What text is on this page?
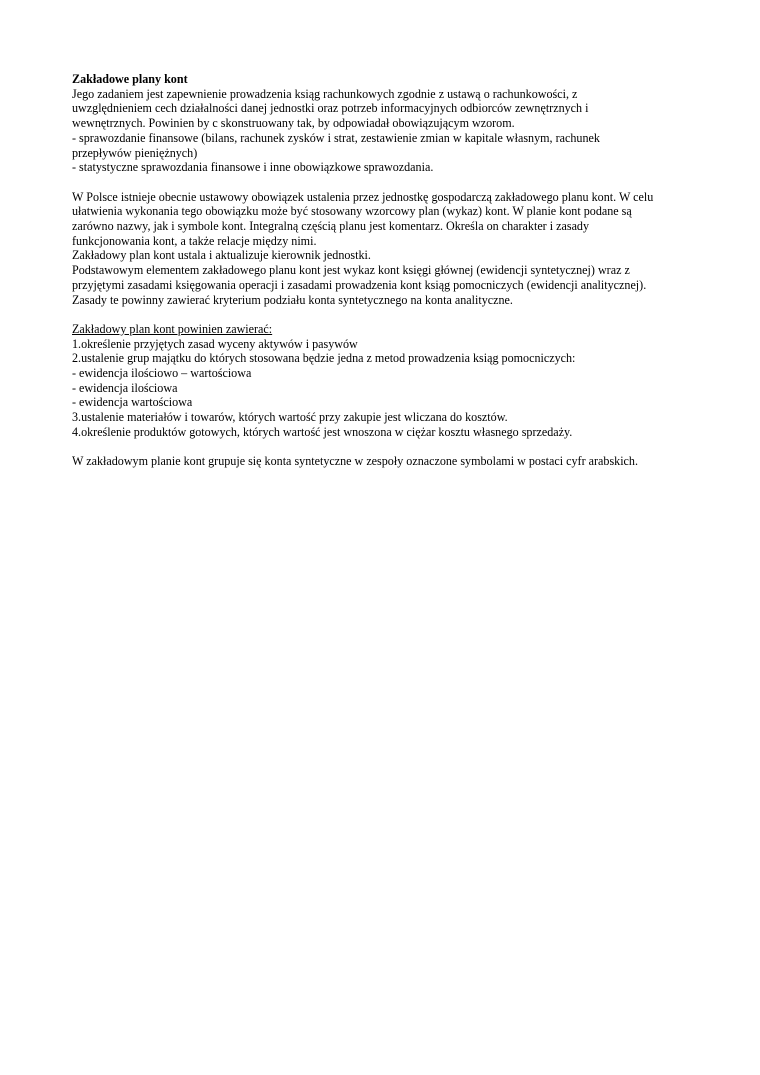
Zakładowe plany kont
Jego zadaniem jest zapewnienie prowadzenia ksiąg rachunkowych zgodnie z ustawą o rachunkowości, z
uwzględnieniem cech działalności danej jednostki oraz potrzeb informacyjnych odbiorców zewnętrznych i
wewnętrznych. Powinien by c skonstruowany tak, by odpowiadał obowiązującym wzorom.
- sprawozdanie finansowe (bilans, rachunek zysków i strat, zestawienie zmian w kapitale własnym, rachunek
przepływów pieniężnych)
- statystyczne sprawozdania finansowe i inne obowiązkowe sprawozdania.
W Polsce istnieje obecnie ustawowy obowiązek ustalenia przez jednostkę gospodarczą zakładowego planu kont. W celu
ułatwienia wykonania tego obowiązku może być stosowany wzorcowy plan (wykaz) kont. W planie kont podane są
zarówno nazwy, jak i symbole kont. Integralną częścią planu jest komentarz. Określa on charakter i zasady
funkcjonowania kont, a także relacje między nimi.
Zakładowy plan kont ustala i aktualizuje kierownik jednostki.
Podstawowym elementem zakładowego planu kont jest wykaz kont księgi głównej (ewidencji syntetycznej) wraz z
przyjętymi zasadami księgowania operacji i zasadami prowadzenia kont ksiąg pomocniczych (ewidencji analitycznej).
Zasady te powinny zawierać kryterium podziału konta syntetycznego na konta analityczne.
Zakładowy plan kont powinien zawierać:
1.określenie przyjętych zasad wyceny aktywów i pasywów
2.ustalenie grup majątku do których stosowana będzie jedna z metod prowadzenia ksiąg pomocniczych:
- ewidencja ilościowo – wartościowa
- ewidencja ilościowa
- ewidencja wartościowa
3.ustalenie materiałów i towarów, których wartość przy zakupie jest wliczana do kosztów.
4.określenie produktów gotowych, których wartość jest wnoszona w ciężar kosztu własnego sprzedaży.
W zakładowym planie kont grupuje się konta syntetyczne w zespoły oznaczone symbolami w postaci cyfr arabskich.
